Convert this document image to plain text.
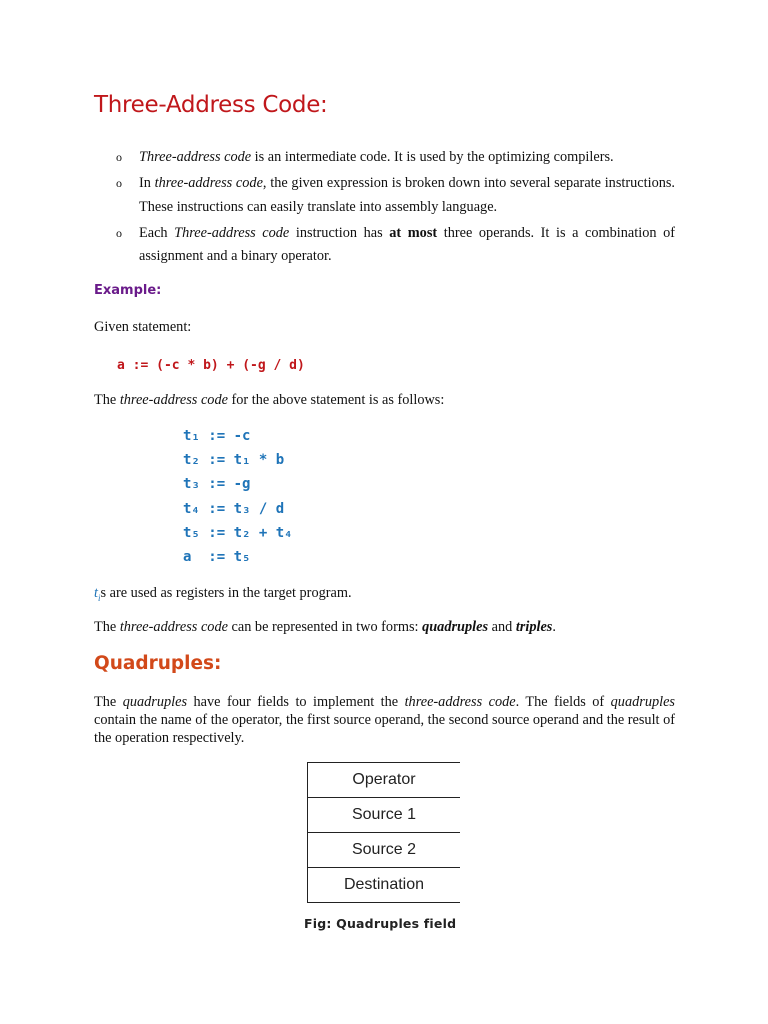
Three-Address Code:
o Three-address code is an intermediate code. It is used by the optimizing compilers.
o In three-address code, the given expression is broken down into several separate instructions. These instructions can easily translate into assembly language.
o Each Three-address code instruction has at most three operands. It is a combination of assignment and a binary operator.
Example:

Given statement:

a := (-c * b) + (-g / d)

The three-address code for the above statement is as follows:

t₁ := -c
t₂ := t₁ * b
t₃ := -g
t₄ := t₃ / d
t₅ := t₂ + t₄
a  := t₅

$t_is$ are used as registers in the target program.

The three-address code can be represented in two forms: quadruples and triples.

Quadruples:

The quadruples have four fields to implement the three-address code. The fields of quadruples contain the name of the operator, the first source operand, the second source operand and the result of the operation respectively.

Operator
Source 1
Source 2
Destination
Fig: Quadruples field
